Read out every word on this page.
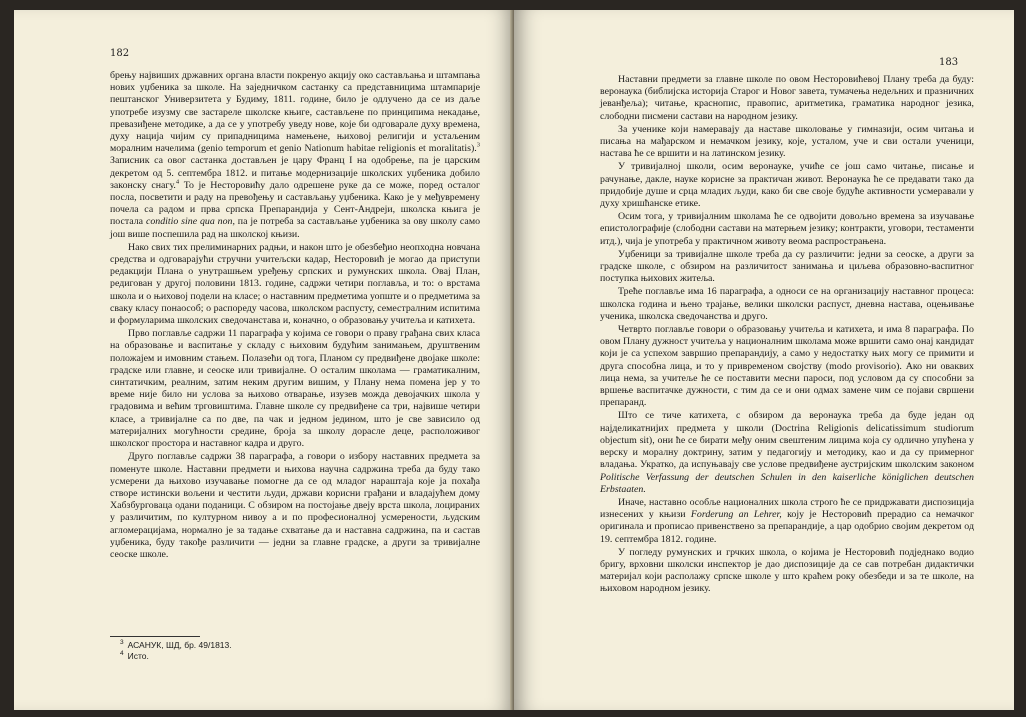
182

брењу највиших државних органа власти покренуо акцију око састављања и штампања нових уџбеника за школе. На заједничком састанку са представницима штампарије пештанског Универзитета у Будиму, 1811. године, било је одлучено да се из даље употребе изузму све застареле школске књиге, састављене по принципима некадање, превазиђене методике, а да се у употребу уведу нове, које би одговарале духу времена, духу нација чијим су припадницима намењене, њиховој религији и устаљеним моралним начелима (genio temporum et genio Nationum habitae religionis et moralitatis).$^3$ Записник са овог састанка достављен је цару Франц I на одобрење, па је царским декретом од 5. септембра 1812. и питање модернизације школских уџбеника добило законску снагу.$^4$ То је Несторовићу дало одрешене руке да се може, поред осталог посла, посветити и раду на превођењу и састављању уџбеника. Како је у међувремену почела са радом и прва српска Препарандија у Сент-Андреји, школска књига је постала conditio sine qua non, па је потреба за састављање уџбеника за ову школу само још више поспешила рад на школској књизи.

Нако свих тих прелиминарних радњи, и након што је обезбеђио неопходна новчана средства и одговарајући стручни учитељски кадар, Несторовић је могао да приступи редакцији Плана о унутрашњем уређењу српских и румунских школа. Овај План, редигован у другој половини 1813. године, садржи четири поглавља, и то: о врстама школа и о њиховој подели на класе; о наставним предметима уопште и о предметима за сваку класу понаособ; о распореду часова, школском распусту, семестралним испитима и формуларима школских сведочанстава и, коначно, о образовању учитеља и катихета.

Прво поглавље садржи 11 параграфа у којима се говори о праву грађана свих класа на образовање и васпитање у складу с њиховим будућим занимањем, друштвеним положајем и имовним стањем. Полазећи од тога, Планом су предвиђене двојаке школе: градске или главне, и сеоске или тривијалне. О осталим школама — граматикалним, синтатичким, реалним, затим неким другим вишим, у Плану нема помена јер у то време није било ни услова за њихово отварање, изузев можда девојачких школа у градовима и већим трговиштима. Главне школе су предвиђене са три, највише четири класе, а тривијалне са по две, па чак и једном једином, што је све зависило од материјалних могућности средине, броја за школу дорасле деце, расположивог школског простора и наставног кадра и друго.

Друго поглавље садржи 38 параграфа, а говори о избору наставних предмета за поменуте школе. Наставни предмети и њихова научна садржина треба да буду тако усмерени да њихово изучавање помогне да се од младог нараштаја које ја похађа створе истински вољени и честити људи, држави корисни грађани и владајућем дому Хабзбурговаца одани поданици. С обзиром на постојање двеју врста школа, лоцираних у различитим, по културном нивоу а и по професионалној усмерености, људским агломерацијама, нормално је за тадање схватање да и наставна садржина, па и састав уџбеника, буду такође различити — једни за главне градске, а други за тривијалне сеоске школе.

$^3$ АСАНУК, ШД, бр. 49/1813.
$^4$ Исто.
183

Наставни предмети за главне школе по овом Несторовићевој Плану треба да буду: веронаука (библијска историја Старог и Новог завета, тумачења недељних и празничних јеванђеља); читање, краснопис, правопис, аритметика, граматика народног језика, слободни писмени састави на народном језику.

За ученике који намеравају да наставе школовање у гимназији, осим читања и писања на мађарском и немачком језику, које, усталом, уче и сви остали ученици, настава ће се вршити и на латинском језику.

У тривијалној школи, осим веронауке, учиће се још само читање, писање и рачунање, дакле, науке корисне за практичан живот. Веронаука ће се предавати тако да придобије душе и срца младих људи, како би све своје будуће активности усмеравали у духу хришћанске етике.

Осим тога, у тривијалним школама ће се одвојити довољно времена за изучавање епистолографије (слободни састави на матерњем језику; контракти, уговори, тестаменти итд.), чија је употреба у практичном животу веома распрострањена.

Уџбеници за тривијалне школе треба да су различити: једни за сеоске, а други за градске школе, с обзиром на различитост занимања и циљева образовно-васпитног поступка њихових житеља.

Треће поглавље има 16 параграфа, а односи се на организацију наставног процеса: школска година и њено трајање, велики школски распуст, дневна настава, оцењивање ученика, школска сведочанства и друго.

Четврто поглавље говори о образовању учитеља и катихета, и има 8 параграфа. По овом Плану дужност учитеља у националним школама може вршити само онај кандидат који је са успехом завршио препарандију, а само у недостатку њих могу се примити и друга способна лица, и то у привременом својству (modo provisorio). Ако ни оваквих лица нема, за учитеље ће се поставити месни пароси, под условом да су способни за вршење васпитачке дужности, с тим да се и они одмах замене чим се појави свршени препаранд.

Што се тиче катихета, с обзиром да веронаука треба да буде један од најделикатнијих предмета у школи (Doctrina Religionis delicatissimum studiorum objectum sit), они ће се бирати међу оним свештеним лицима која су одлично упућена у верску и моралну доктрину, затим у педагогију и методику, као и да су примерног владања. Укратко, да испуњавају све услове предвиђене аустријским школским законом Politische Verfassung der deutschen Schulen in den kaiserliche königlichen deutschen Erbstaaten.

Иначе, наставно особље националних школа строго ће се придржавати диспозиција изнесених у књизи Forderung an Lehrer, коју је Несторовић прерадио са немачког оригинала и прописао привенствено за препарандије, а цар одобрио својим декретом од 19. септембра 1812. године.

У погледу румунских и грчких школа, о којима је Несторовић подједнако водио бригу, врховни школски инспектор је дао диспозиције да се сав потребан дидактички материјал који располажу српске школе у што краћем року обезбеди и за те школе, на њиховом народном језику.
